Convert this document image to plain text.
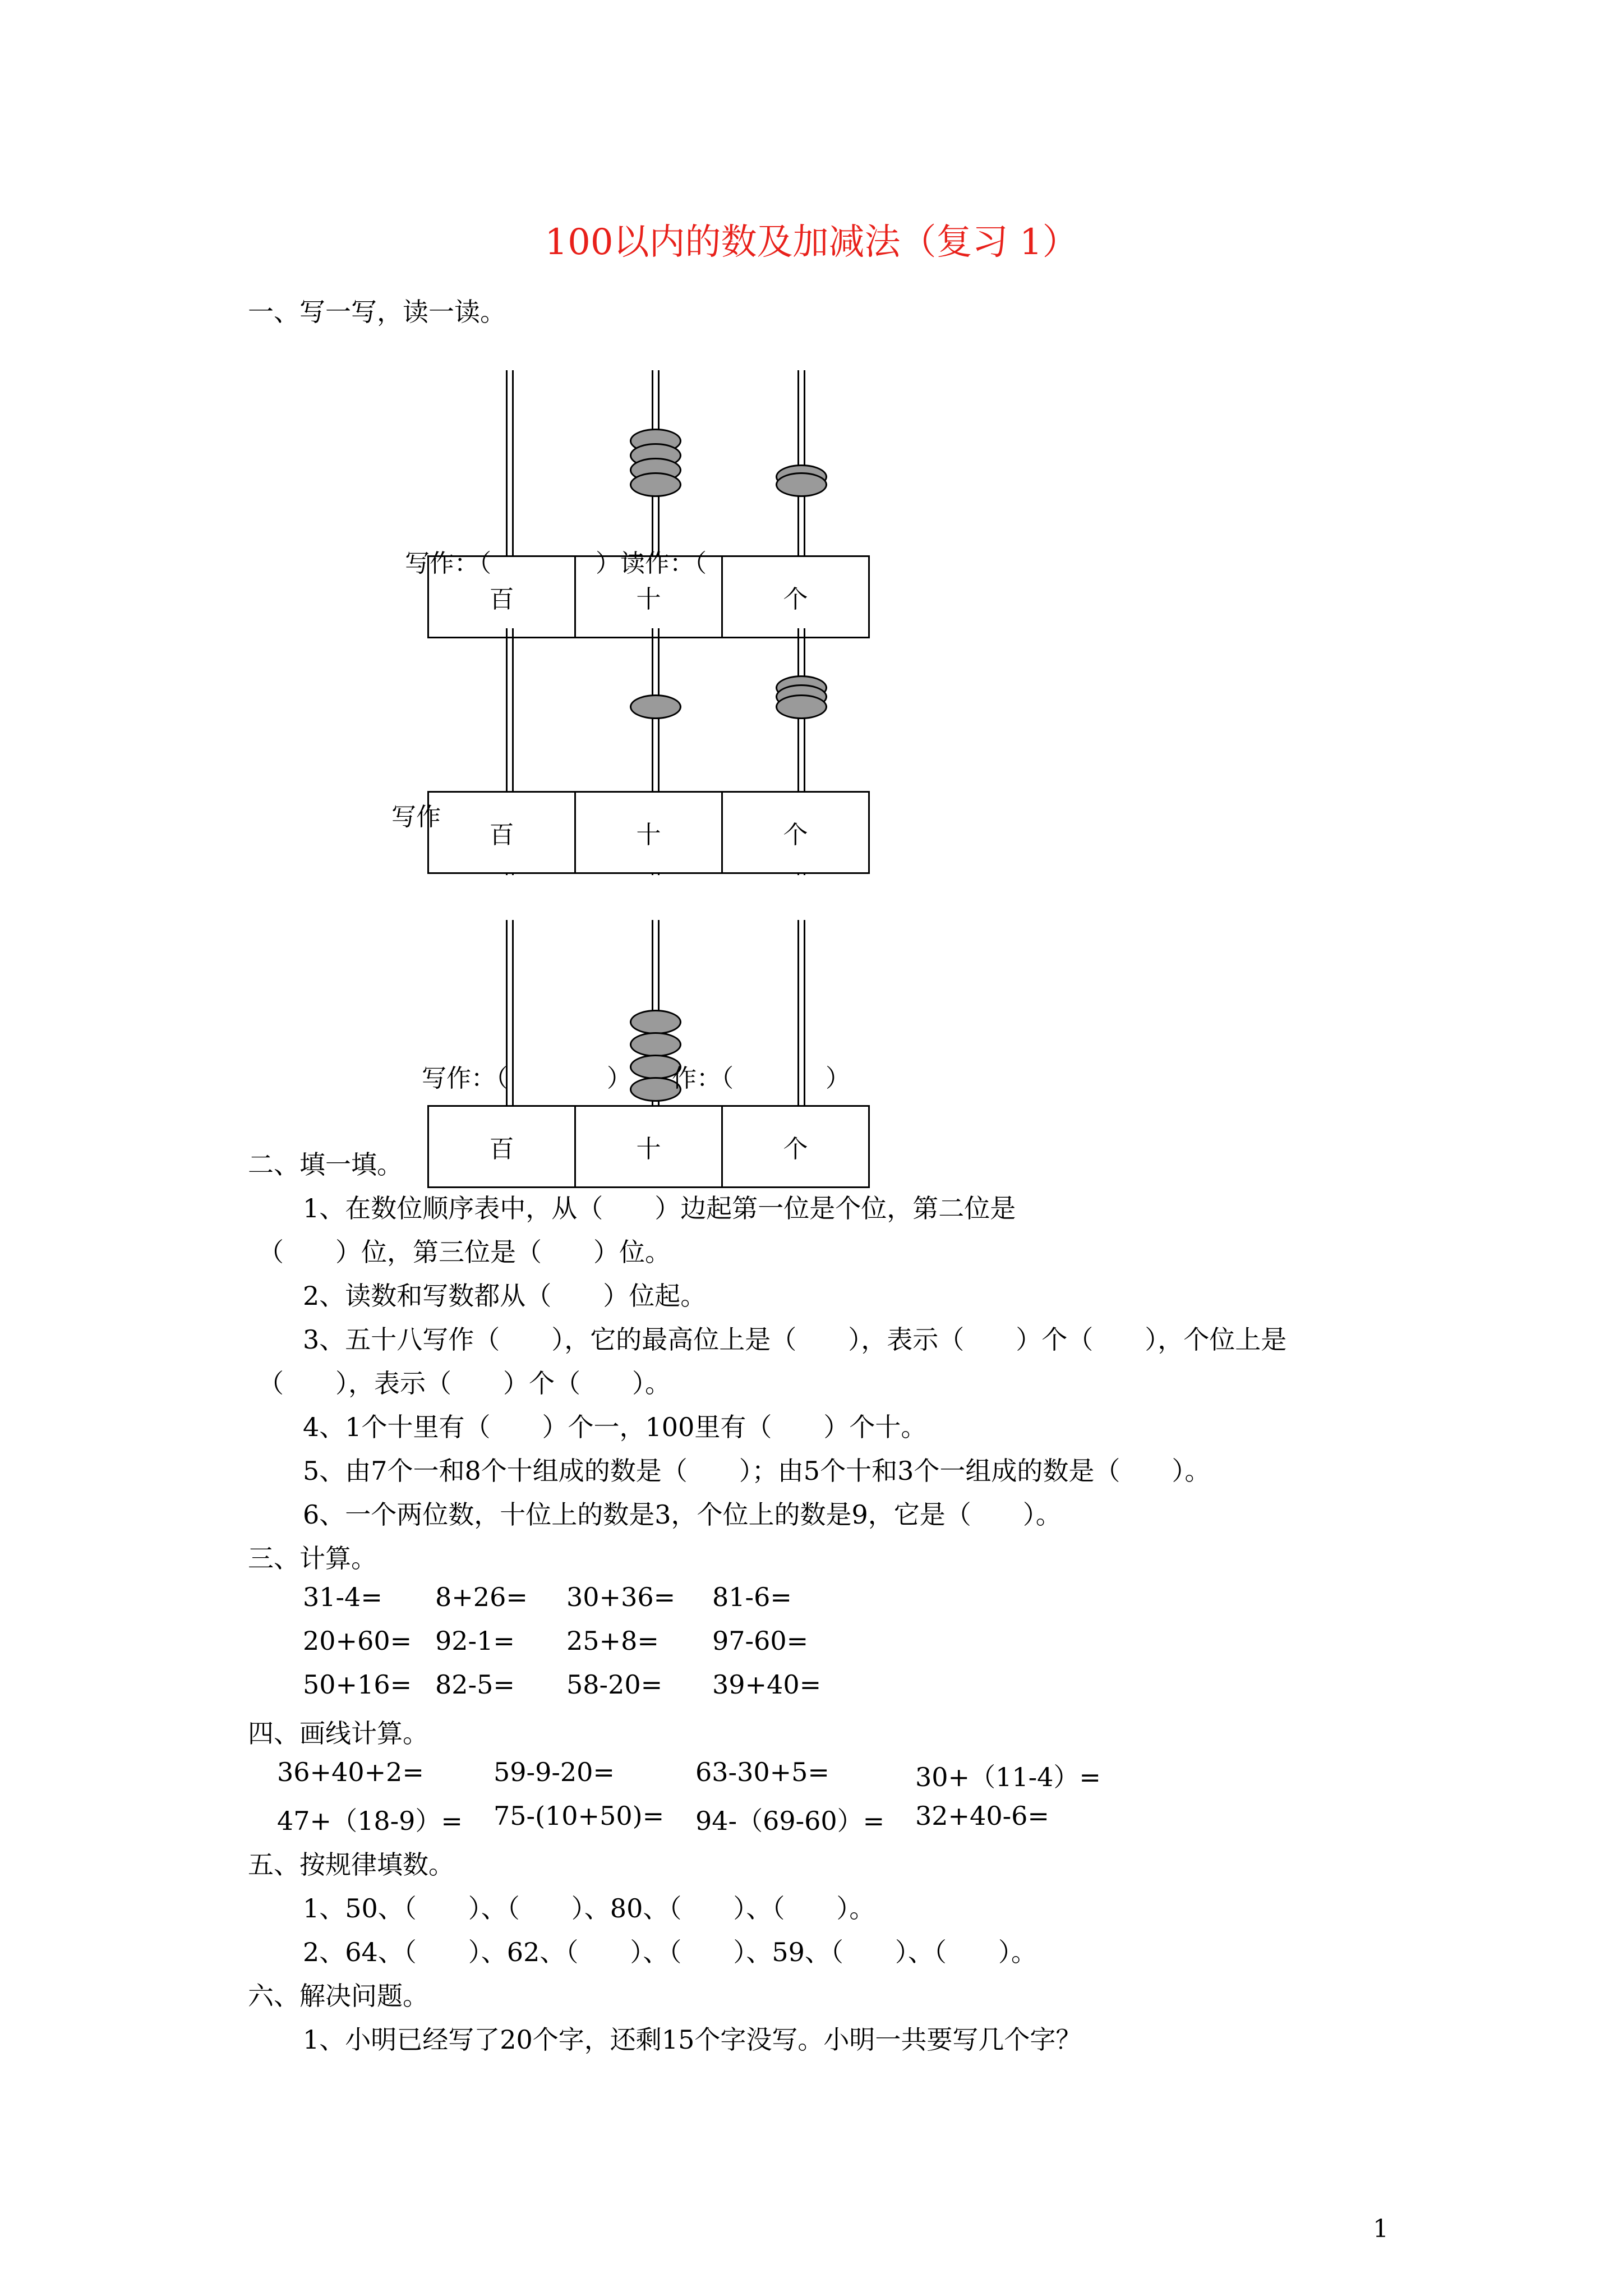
100以内的数及加减法（复习 1）
一、写一写，读一读。
百	十	个
写作：（	）读作：（
百	十	个
写作
百	十	个
写作：（	） 作：（	）
二、填一填。
1、在数位顺序表中，从（　　）边起第一位是个位，第二位是
（　　）位，第三位是（　　）位。
2、读数和写数都从（　　）位起。
3、五十八写作（　　），它的最高位上是（　　），表示（　　）个（　　），个位上是
（　　），表示（　　）个（　　）。
4、1个十里有（　　）个一，100里有（　　）个十。
5、由7个一和8个十组成的数是（　　）；由5个十和3个一组成的数是（　　）。
6、一个两位数，十位上的数是3，个位上的数是9，它是（　　）。
三、计算。
31-4= 8+26= 30+36= 81-6=
20+60= 92-1= 25+8= 97-60=
50+16= 82-5= 58-20= 39+40=
四、画线计算。
36+40+2=	59-9-20=	63-30+5=	30+（11-4）=
47+（18-9）= 75-(10+50)= 94-（69-60）= 32+40-6=
五、按规律填数。
1、50、（　　）、（　　）、80、（　　）、（　　）。
2、64、（　　）、62、（　　）、（　　）、59、（　　）、（　　）。
六、解决问题。
1、小明已经写了20个字，还剩15个字没写。小明一共要写几个字？
1
